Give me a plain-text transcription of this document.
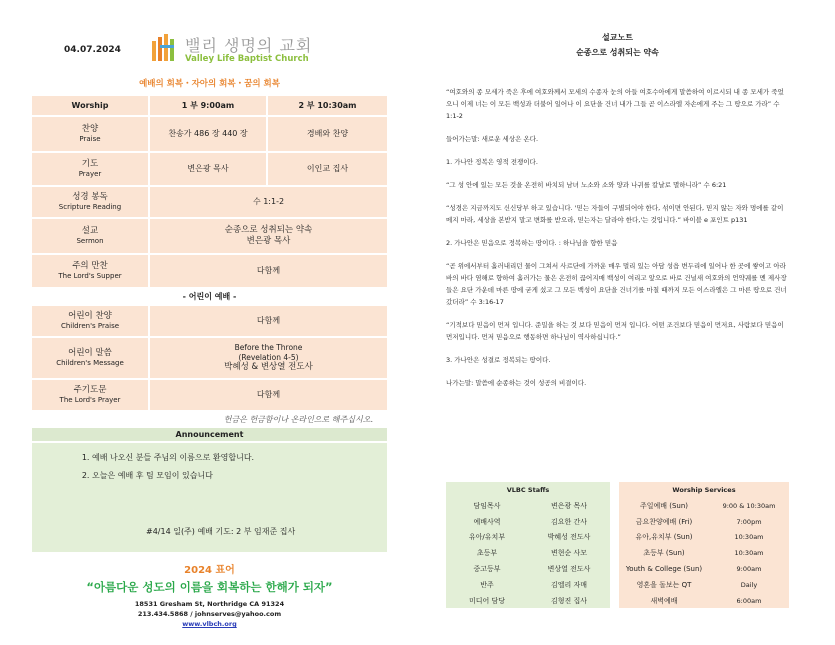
04.07.2024	밸리 생명의 교회
Valley Life Baptist Church
예배의 회복・자아의 회복・꿈의 회복
Worship	1 부 9:00am	2 부 10:30am

찬양
Praise	찬송가 486 장 440 장	경배와 찬양

기도
Prayer	변은광 목사	이인교 집사

성경 봉독
Scripture Reading	수 1:1-2	

설교
Sermon	순종으로 성취되는 약속
변은광 목사	

주의 만찬
The Lord's Supper	다함께	
- 어린이 예배 -
어린이 찬양
Children's Praise	다함께

어린이 말씀
Children's Message	Before the Throne
(Revelation 4-5)
박혜성 & 변상열 전도사

주기도문
The Lord's Prayer	다함께
헌금은 헌금함이나 온라인으로 해주십시오.
Announcement
1. 예배 나오신 분들 주님의 이름으로 환영합니다.
2. 오늘은 예배 후 팀 모임이 있습니다
#4/14 일(주) 예배 기도: 2 부 임재준 집사
2024 표어
“아름다운 성도의 이름을 회복하는 한해가 되자”
18531 Gresham St, Northridge CA 91324
213.434.5868 / johnserves@yahoo.com
www.vlbch.org
설교노트
순종으로 성취되는 약속
“여호와의 종 모세가 죽은 후에 여호와께서 모세의 수종자 눈의 아들 여호수아에게 말씀하여 이르시되 내 종 모세가 죽었으니 이제 너는 이 모든 백성과 더불어 일어나 이 요단을 건너 내가 그들 곧 이스라엘 자손에게 주는 그 땅으로 가라” 수 1:1-2
들어가는말: 새로운 세상은 온다.
1. 가나안 정복은 영적 전쟁이다.
“그 성 안에 있는 모든 것을 온전히 바치되 남녀 노소와 소와 양과 나귀를 칼날로 멸하니라” 수 6:21
“성경은 지금까지도 신신당부 하고 있습니다. '믿는 자들이 구별되어야 한다, 섞이면 안된다, 믿지 않는 자와 멍에를 같이 메지 마라, 세상을 본받지 말고 변화를 받으라, 믿는자는 달라야 한다,'는 것입니다.” 바이블 e 포인트 p131
2. 가나안은 믿음으로 정복하는 땅이다. : 하나님을 향한 믿음
“곧 위에서부터 흘러내리던 물이 그쳐서 사르단에 가까운 매우 멀리 있는 아담 성읍 변두리에 일어나 한 곳에 쌓이고 아라바의 바다 염해로 향하여 흘러가는 물은 온전히 끊어지매 백성이 여리고 앞으로 바로 건널새 여호와의 언약궤를 멘 제사장들은 요단 가운데 마른 땅에 굳게 섰고 그 모든 백성이 요단을 건너기를 마칠 때까지 모든 이스라엘은 그 마른 땅으로 건너갔더라” 수 3:16-17
“기적보다 믿음이 먼저 입니다. 준밀을 하는 것 보다 믿음이 먼저 입니다. 어떤 조건보다 믿음이 먼저요, 사람보다 믿음이 먼저입니다. 먼저 믿음으로 행동하면 하나님이 역사하십니다.”
3. 가나안은 성결로 정복되는 땅이다.
나가는말: 말씀에 순종하는 것이 성공의 비결이다.
VLBC Staffs
담임목사	변은광 목사
예배사역	김요한 간사
유아/유치부	박혜성 전도사
초등부	변현순 사모
중고등부	변상열 전도사
반주	김엘리 자매
미디어 담당	김형진 집사
Worship Services
주일예배 (Sun)	9:00 & 10:30am
금요찬양예배 (Fri)	7:00pm
유아,유치부 (Sun)	10:30am
초등부 (Sun)	10:30am
Youth & College (Sun)	9:00am
영혼을 돌보는 QT	Daily
새벽예배	6:00am
